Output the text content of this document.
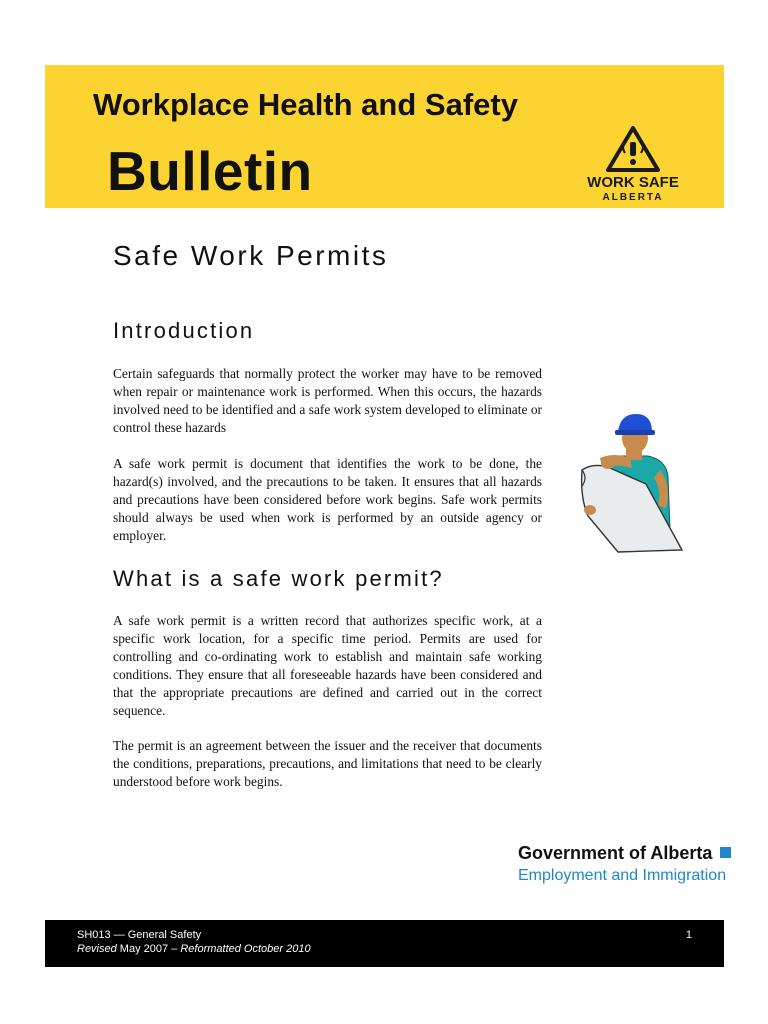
Workplace Health and Safety
Bulletin	WORK SAFE
ALBERTA
Safe Work Permits
Introduction

Certain safeguards that normally protect the worker may have to be removed when repair or maintenance work is performed. When this occurs, the hazards involved need to be identified and a safe work system developed to eliminate or control these hazards

A safe work permit is document that identifies the work to be done, the hazard(s) involved, and the precautions to be taken. It ensures that all hazards and precautions have been considered before work begins. Safe work permits should always be used when work is performed by an outside agency or employer.

What is a safe work permit?

A safe work permit is a written record that authorizes specific work, at a specific work location, for a specific time period. Permits are used for controlling and co-ordinating work to establish and maintain safe working conditions. They ensure that all foreseeable hazards have been considered and that the appropriate precautions are defined and carried out in the correct sequence.

The permit is an agreement between the issuer and the receiver that documents the conditions, preparations, precautions, and limitations that need to be clearly understood before work begins.

Government of Alberta
Employment and Immigration
SH013 — General Safety
Revised May 2007 – Reformatted October 2010
1
